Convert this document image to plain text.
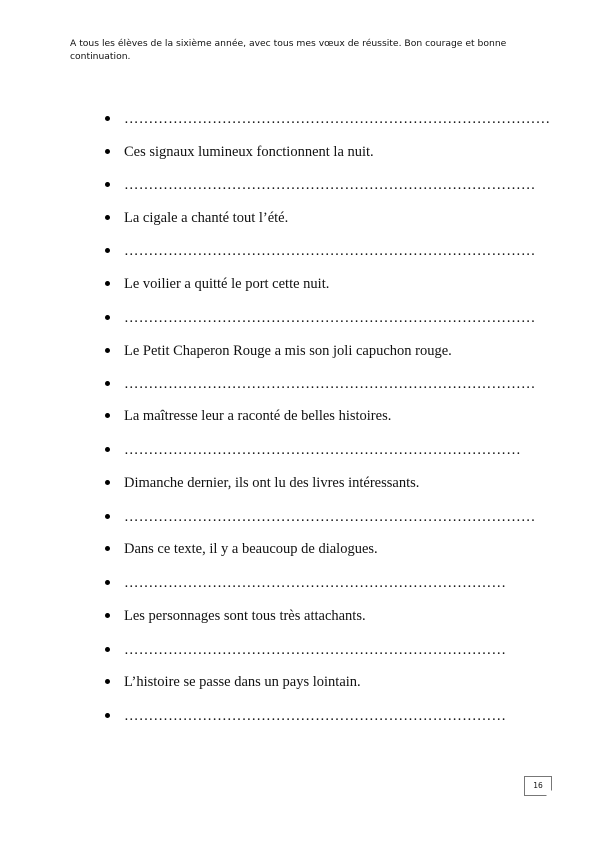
A tous les élèves de la sixième année, avec tous mes vœux de réussite. Bon courage et bonne
continuation.
……………………………………………………………………………
Ces signaux lumineux fonctionnent la nuit.
…………………………………………………………………………
La cigale a chanté tout l’été.
…………………………………………………………………………
Le voilier a quitté le port cette nuit.
…………………………………………………………………………
Le Petit Chaperon Rouge a mis son joli capuchon rouge.
…………………………………………………………………………
La maîtresse leur a raconté de belles histoires.
………………………………………………………………………
Dimanche dernier, ils ont lu des livres intéressants.
…………………………………………………………………………
Dans ce texte, il y a beaucoup de dialogues.
……………………………………………………………………
Les personnages sont tous très attachants.
……………………………………………………………………
L’histoire se passe dans un pays lointain.
……………………………………………………………………
16
